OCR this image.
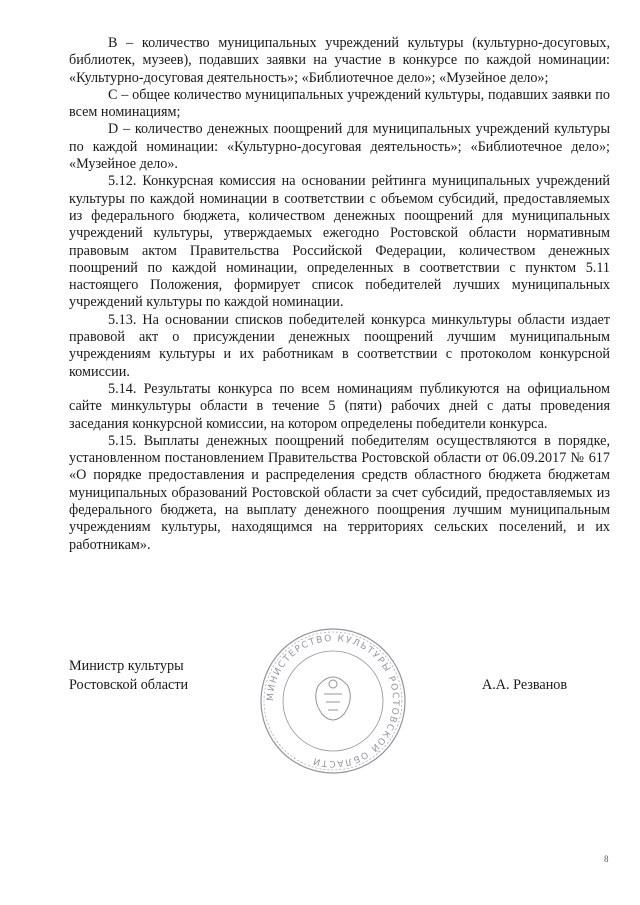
B – количество муниципальных учреждений культуры (культурно-досуговых, библиотек, музеев), подавших заявки на участие в конкурсе по каждой номинации: «Культурно-досуговая деятельность»; «Библиотечное дело»; «Музейное дело»;

C – общее количество муниципальных учреждений культуры, подавших заявки по всем номинациям;

D – количество денежных поощрений для муниципальных учреждений культуры по каждой номинации: «Культурно-досуговая деятельность»; «Библиотечное дело»; «Музейное дело».

5.12. Конкурсная комиссия на основании рейтинга муниципальных учреждений культуры по каждой номинации в соответствии с объемом субсидий, предоставляемых из федерального бюджета, количеством денежных поощрений для муниципальных учреждений культуры, утверждаемых ежегодно Ростовской области нормативным правовым актом Правительства Российской Федерации, количеством денежных поощрений по каждой номинации, определенных в соответствии с пунктом 5.11 настоящего Положения, формирует список победителей лучших муниципальных учреждений культуры по каждой номинации.

5.13. На основании списков победителей конкурса минкультуры области издает правовой акт о присуждении денежных поощрений лучшим муниципальным учреждениям культуры и их работникам в соответствии с протоколом конкурсной комиссии.

5.14. Результаты конкурса по всем номинациям публикуются на официальном сайте минкультуры области в течение 5 (пяти) рабочих дней с даты проведения заседания конкурсной комиссии, на котором определены победители конкурса.

5.15. Выплаты денежных поощрений победителям осуществляются в порядке, установленном постановлением Правительства Ростовской области от 06.09.2017 № 617 «О порядке предоставления и распределения средств областного бюджета бюджетам муниципальных образований Ростовской области за счет субсидий, предоставляемых из федерального бюджета, на выплату денежного поощрения лучшим муниципальным учреждениям культуры, находящимся на территориях сельских поселений, и их работникам».

МИНИСТЕРСТВО КУЛЬТУРЫ РОСТОВСКОЙ ОБЛАСТИ
Министр культуры
Ростовской области	А.А. Резванов
8
